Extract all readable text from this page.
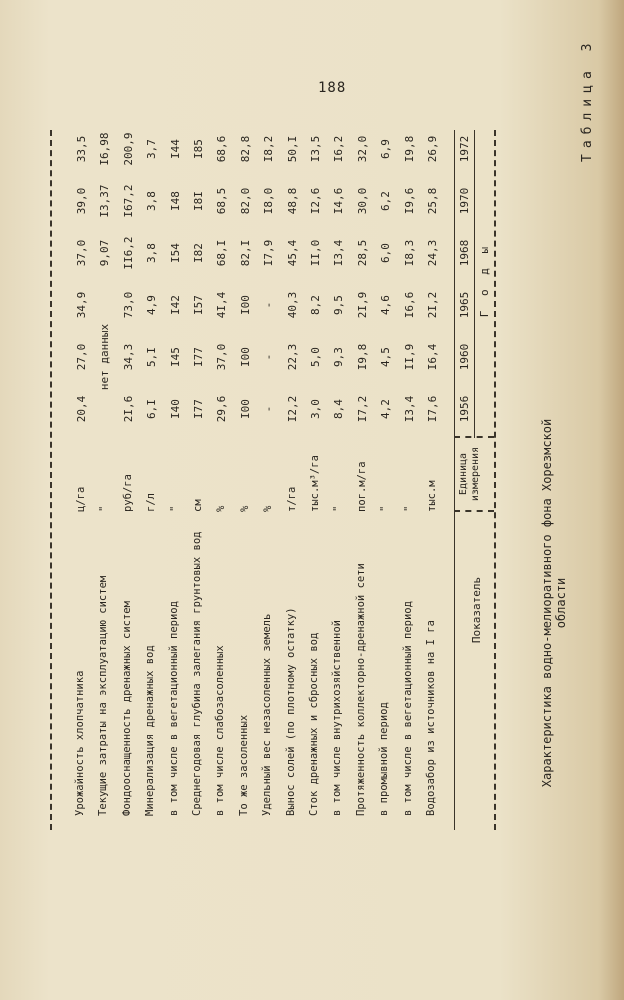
188	Таблица 3
Характеристика водно-мелиоративного фона Хорезмской области
Показатель
Единица измерения
Г о д ы
1956
1960
1965
1968
1970
1972
Водозабор из источников на I га
тыс.м
I7,6
I6,4
2I,2
24,3
25,8
26,9
в том числе в вегетационный период
"
I3,4
II,9
I6,6
I8,3
I9,6
I9,8
в промывной период
"
4,2
4,5
4,6
6,0
6,2
6,9
Протяженность коллекторно-дренажной сети
пог.м/га
I7,2
I9,8
2I,9
28,5
30,0
32,0
в том числе внутрихозяйственной
"
8,4
9,3
9,5
I3,4
I4,6
I6,2
Сток дренажных и сбросных вод
тыс.м³/га
3,0
5,0
8,2
II,0
I2,6
I3,5
Вынос солей (по плотному остатку)
т/га
I2,2
22,3
40,3
45,4
48,8
50,I
Удельный вес незасоленных земель
%
-
-
-
I7,9
I8,0
I8,2
То же засоленных
%
I00
I00
I00
82,I
82,0
82,8
в том числе слабозасоленных
%
29,6
37,0
4I,4
68,I
68,5
68,6
Среднегодовая глубина залегания грунтовых вод
см
I77
I77
I57
I82
I8I
I85
в том числе в вегетационный период
"
I40
I45
I42
I54
I48
I44
Минерализация дренажных вод
г/л
6,I
5,I
4,9
3,8
3,8
3,7
Фондооснащенность дренажных систем
руб/га
2I,6
34,3
73,0
II6,2
I67,2
200,9
Текущие затраты на эксплуатацию систем
"
нет данных
9,07
I3,37
I6,98
Урожайность хлопчатника
ц/га
20,4
27,0
34,9
37,0
39,0
33,5
